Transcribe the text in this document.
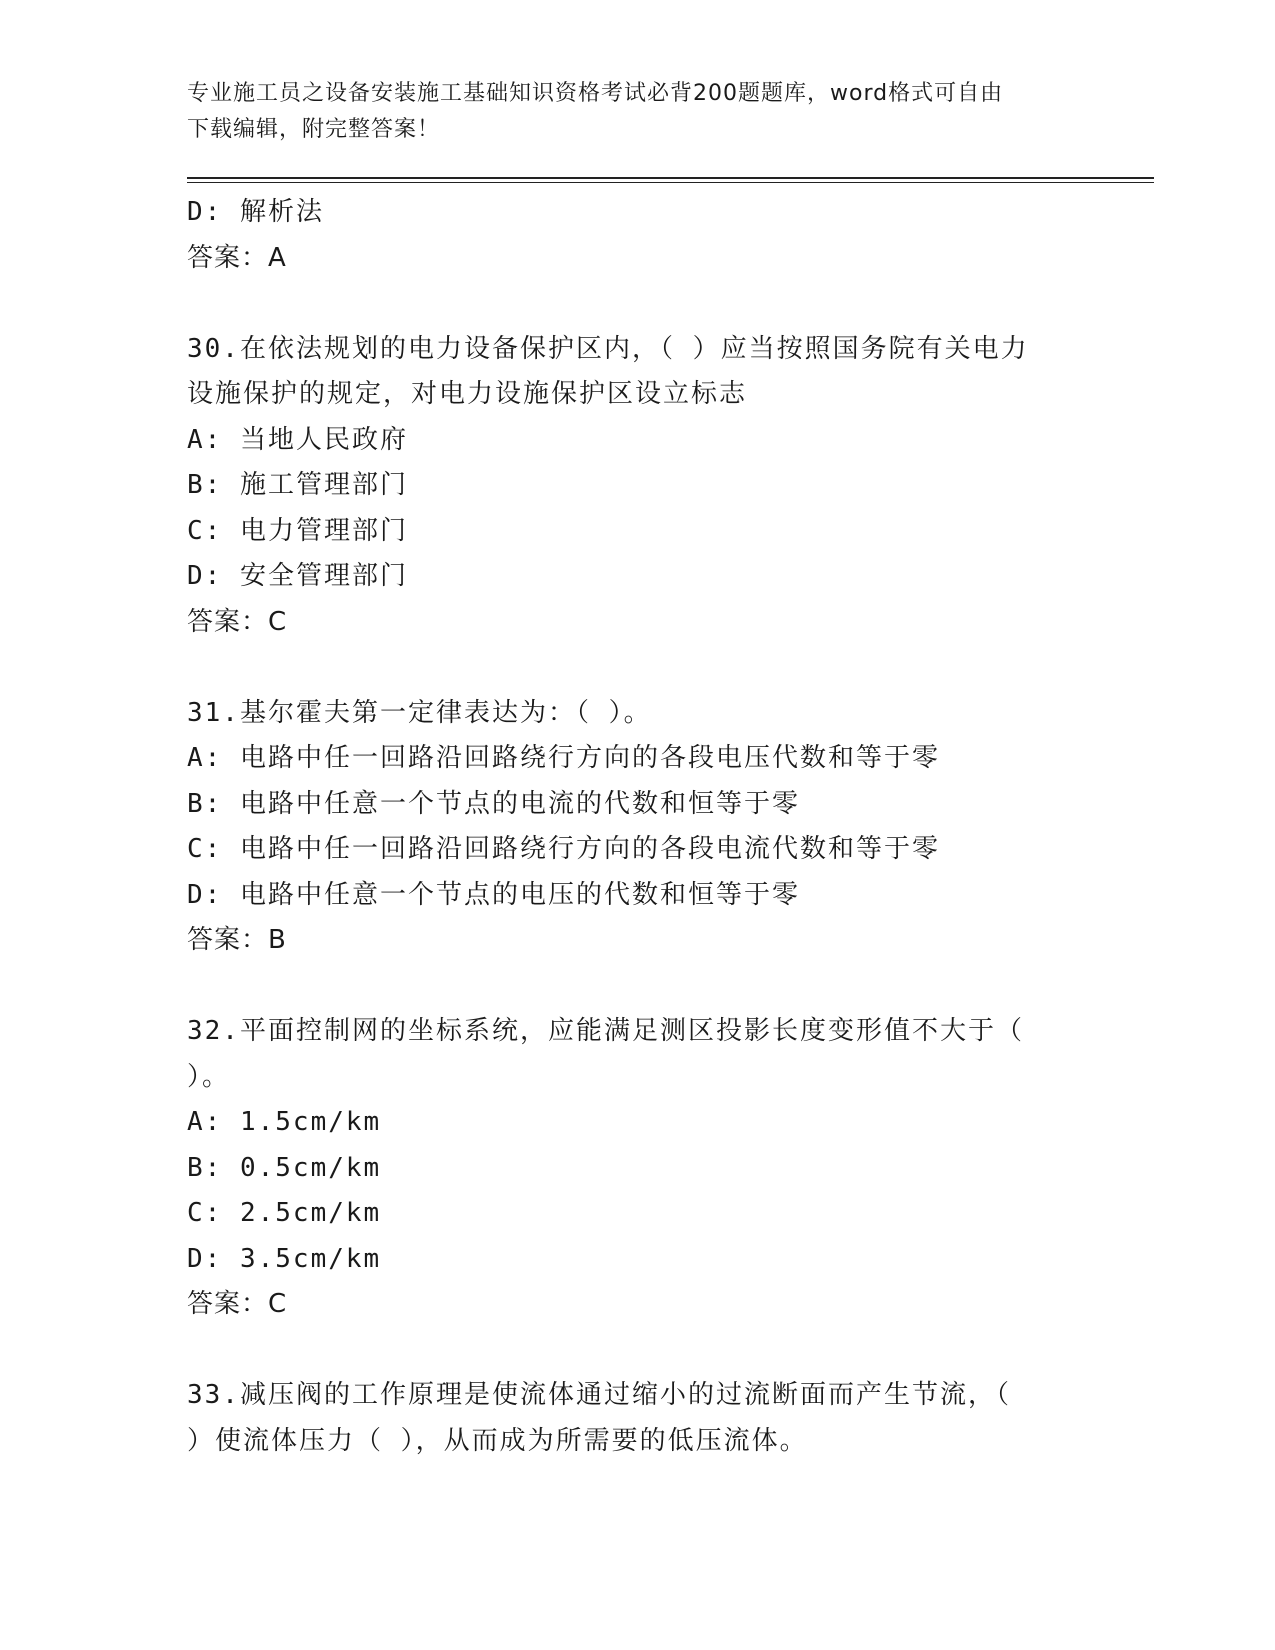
专业施工员之设备安装施工基础知识资格考试必背200题题库，word格式可自由
下载编辑，附完整答案！
D: 解析法
答案：A
30.在依法规划的电力设备保护区内，（ ）应当按照国务院有关电力
设施保护的规定，对电力设施保护区设立标志
A: 当地人民政府
B: 施工管理部门
C: 电力管理部门
D: 安全管理部门
答案：C
31.基尔霍夫第一定律表达为：（ ）。
A: 电路中任一回路沿回路绕行方向的各段电压代数和等于零
B: 电路中任意一个节点的电流的代数和恒等于零
C: 电路中任一回路沿回路绕行方向的各段电流代数和等于零
D: 电路中任意一个节点的电压的代数和恒等于零
答案：B
32.平面控制网的坐标系统，应能满足测区投影长度变形值不大于（
）。
A: 1.5cm/km
B: 0.5cm/km
C: 2.5cm/km
D: 3.5cm/km
答案：C
33.减压阀的工作原理是使流体通过缩小的过流断面而产生节流，（
）使流体压力（ ），从而成为所需要的低压流体。
